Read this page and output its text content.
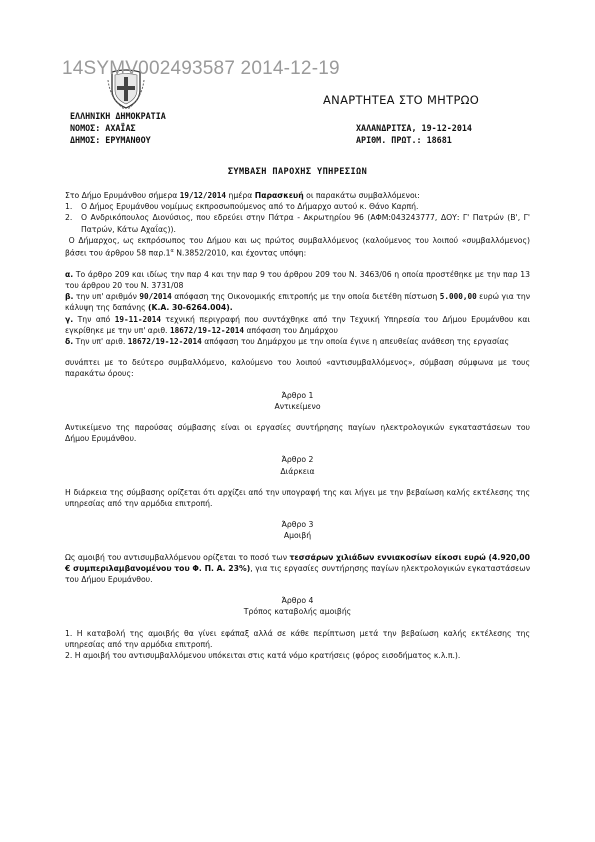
14SYMV002493587 2014-12-19
ΕΛΛΗΝΙΚΗ ΔΗΜΟΚΡΑΤΙΑ
ΝΟΜΟΣ: ΑΧΑΪΑΣ
ΔΗΜΟΣ: ΕΡΥΜΑΝΘΟΥ
ΑΝΑΡΤΗΤΕΑ ΣΤΟ ΜΗΤΡΩΟ
ΧΑΛΑΝΔΡΙΤΣΑ, 19-12-2014
ΑΡΙΘΜ. ΠΡΩΤ.: 18681
ΣΥΜΒΑΣΗ ΠΑΡΟΧΗΣ ΥΠΗΡΕΣΙΩΝ

Στο Δήμο Ερυμάνθου σήμερα 19/12/2014 ημέρα Παρασκευή οι παρακάτω συμβαλλόμενοι:

1.	Ο Δήμος Ερυμάνθου νομίμως εκπροσωπούμενος από το Δήμαρχο αυτού κ. Θάνο Καρπή.
2.	Ο Ανδρικόπουλος Διονύσιος, που εδρεύει στην Πάτρα - Ακρωτηρίου 96 (ΑΦΜ:043243777, ΔΟΥ: Γ' Πατρών (Β', Γ' Πατρών, Κάτω Αχαΐας)).

Ο Δήμαρχος, ως εκπρόσωπος του Δήμου και ως πρώτος συμβαλλόμενος (καλούμενος του λοιπού «συμβαλλόμενος) βάσει του άρθρου 58 $\pi\alpha\rho.1^\alpha$ Ν.3852/2010, και έχοντας υπόψη:

α. Το άρθρο 209 και ιδίως την παρ 4 και την παρ 9 του άρθρου 209 του Ν. 3463/06 η οποία προστέθηκε με την παρ 13 του άρθρου 20 του Ν. 3731/08

β. την υπ' αριθμόν 90/2014 απόφαση της Οικονομικής επιτροπής με την οποία διετέθη πίστωση 5.000,00 ευρώ για την κάλυψη της δαπάνης (Κ.Α. 30-6264.004).

γ. Την από 19-11-2014 τεχνική περιγραφή που συντάχθηκε από την Τεχνική Υπηρεσία του Δήμου Ερυμάνθου και εγκρίθηκε με την υπ' αριθ. 18672/19-12-2014 απόφαση του Δημάρχου

δ. Την υπ' αριθ. 18672/19-12-2014 απόφαση του Δημάρχου με την οποία έγινε η απευθείας ανάθεση της εργασίας

συνάπτει με το δεύτερο συμβαλλόμενο, καλούμενο του λοιπού «αντισυμβαλλόμενος», σύμβαση σύμφωνα με τους παρακάτω όρους:

Άρθρο 1

Αντικείμενο

Αντικείμενο της παρούσας σύμβασης είναι οι εργασίες συντήρησης παγίων ηλεκτρολογικών εγκαταστάσεων του Δήμου Ερυμάνθου.

Άρθρο 2

Διάρκεια

Η διάρκεια της σύμβασης ορίζεται ότι αρχίζει από την υπογραφή της και λήγει με την βεβαίωση καλής εκτέλεσης της υπηρεσίας από την αρμόδια επιτροπή.

Άρθρο 3

Αμοιβή

Ως αμοιβή του αντισυμβαλλόμενου ορίζεται το ποσό των τεσσάρων χιλιάδων εννιακοσίων είκοσι ευρώ (4.920,00 € συμπεριλαμβανομένου του Φ. Π. Α. 23%), για τις εργασίες συντήρησης παγίων ηλεκτρολογικών εγκαταστάσεων του Δήμου Ερυμάνθου.

Άρθρο 4

Τρόπος καταβολής αμοιβής

1. Η καταβολή της αμοιβής θα γίνει εφάπαξ αλλά σε κάθε περίπτωση μετά την βεβαίωση καλής εκτέλεσης της υπηρεσίας από την αρμόδια επιτροπή.

2. Η αμοιβή του αντισυμβαλλόμενου υπόκειται στις κατά νόμο κρατήσεις (φόρος εισοδήματος κ.λ.π.).
